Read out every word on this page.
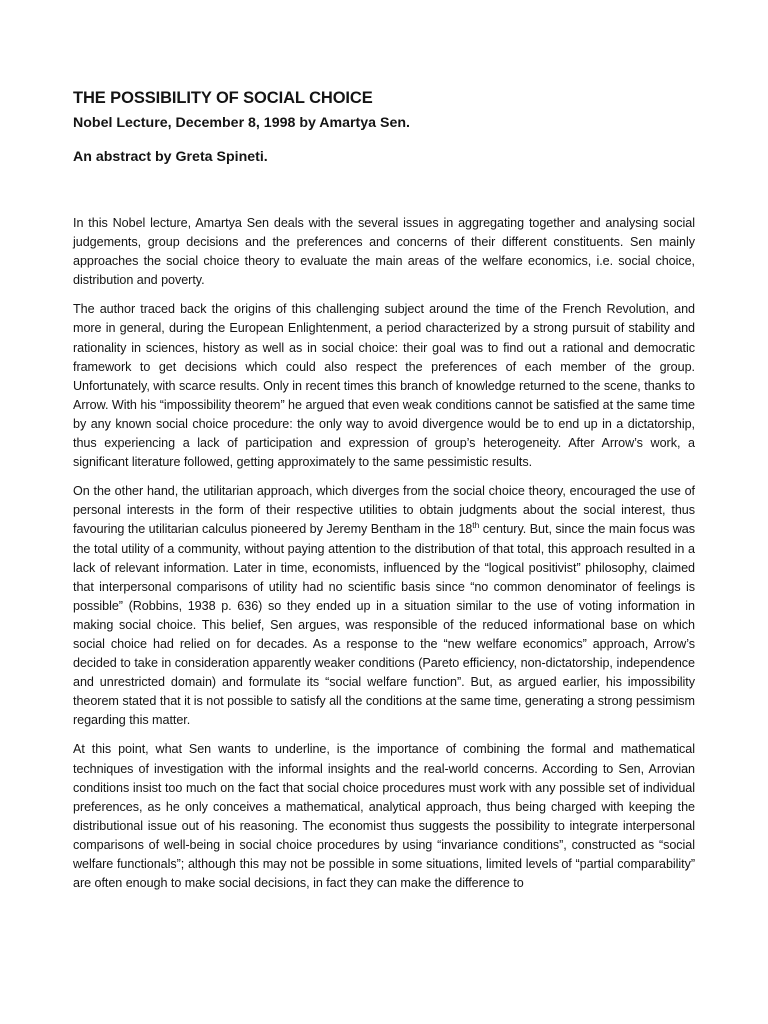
THE POSSIBILITY OF SOCIAL CHOICE
Nobel Lecture, December 8, 1998 by Amartya Sen.
An abstract by Greta Spineti.

In this Nobel lecture, Amartya Sen deals with the several issues in aggregating together and analysing social judgements, group decisions and the preferences and concerns of their different constituents. Sen mainly approaches the social choice theory to evaluate the main areas of the welfare economics, i.e. social choice, distribution and poverty.

The author traced back the origins of this challenging subject around the time of the French Revolution, and more in general, during the European Enlightenment, a period characterized by a strong pursuit of stability and rationality in sciences, history as well as in social choice: their goal was to find out a rational and democratic framework to get decisions which could also respect the preferences of each member of the group. Unfortunately, with scarce results. Only in recent times this branch of knowledge returned to the scene, thanks to Arrow. With his “impossibility theorem” he argued that even weak conditions cannot be satisfied at the same time by any known social choice procedure: the only way to avoid divergence would be to end up in a dictatorship, thus experiencing a lack of participation and expression of group’s heterogeneity. After Arrow’s work, a significant literature followed, getting approximately to the same pessimistic results.

On the other hand, the utilitarian approach, which diverges from the social choice theory, encouraged the use of personal interests in the form of their respective utilities to obtain judgments about the social interest, thus favouring the utilitarian calculus pioneered by Jeremy Bentham in the 18th century. But, since the main focus was the total utility of a community, without paying attention to the distribution of that total, this approach resulted in a lack of relevant information. Later in time, economists, influenced by the “logical positivist” philosophy, claimed that interpersonal comparisons of utility had no scientific basis since “no common denominator of feelings is possible” (Robbins, 1938 p. 636) so they ended up in a situation similar to the use of voting information in making social choice. This belief, Sen argues, was responsible of the reduced informational base on which social choice had relied on for decades. As a response to the “new welfare economics” approach, Arrow’s decided to take in consideration apparently weaker conditions (Pareto efficiency, non-dictatorship, independence and unrestricted domain) and formulate its “social welfare function”. But, as argued earlier, his impossibility theorem stated that it is not possible to satisfy all the conditions at the same time, generating a strong pessimism regarding this matter.

At this point, what Sen wants to underline, is the importance of combining the formal and mathematical techniques of investigation with the informal insights and the real-world concerns. According to Sen, Arrovian conditions insist too much on the fact that social choice procedures must work with any possible set of individual preferences, as he only conceives a mathematical, analytical approach, thus being charged with keeping the distributional issue out of his reasoning. The economist thus suggests the possibility to integrate interpersonal comparisons of well-being in social choice procedures by using “invariance conditions”, constructed as “social welfare functionals”; although this may not be possible in some situations, limited levels of “partial comparability” are often enough to make social decisions, in fact they can make the difference to
